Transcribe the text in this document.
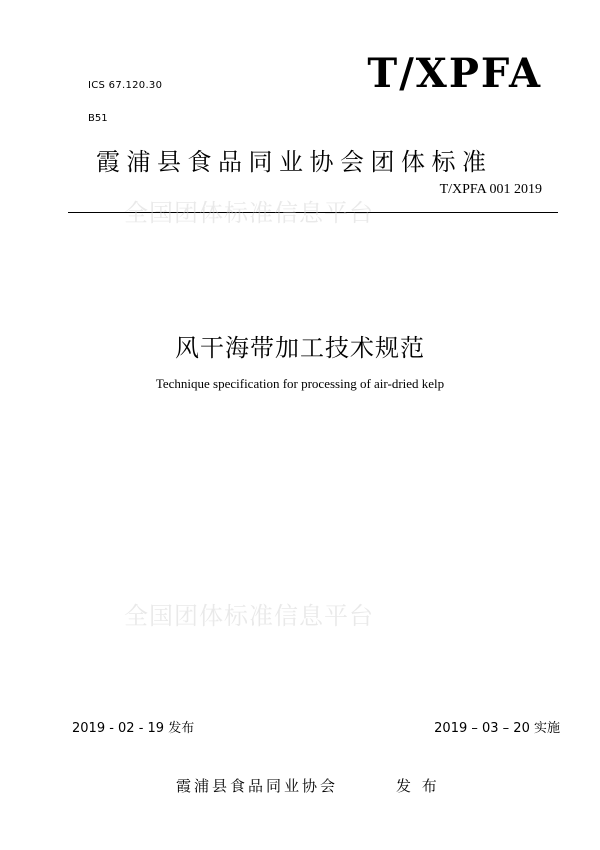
ICS 67.120.30
B51
T/XPFA
霞浦县食品同业协会团体标准
T/XPFA 001 2019
全国团体标准信息平台
全国团体标准信息平台
风干海带加工技术规范
Technique specification for processing of air-dried kelp
2019 - 02 - 19 发布	2019 – 03 – 20 实施
霞浦县食品同业协会	发 布
